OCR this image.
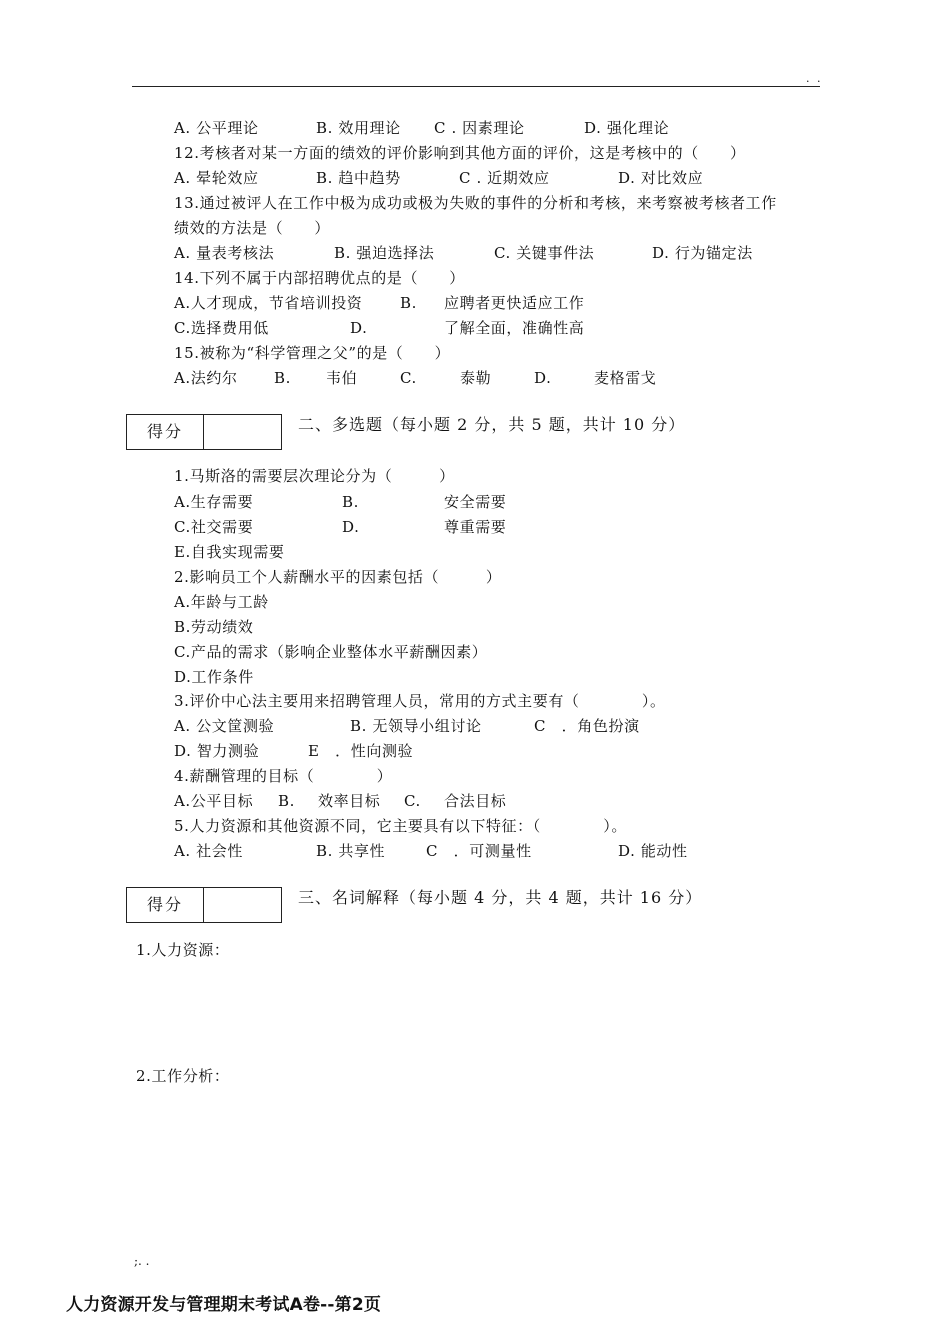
. .
A. 公平理论	B. 效用理论 C . 因素理论	D. 强化理论
12.考核者对某一方面的绩效的评价影响到其他方面的评价，这是考核中的（　　）
A. 晕轮效应	B. 趋中趋势	C . 近期效应	D. 对比效应
13.通过被评人在工作中极为成功或极为失败的事件的分析和考核，来考察被考核者工作
绩效的方法是（　　）
A. 量表考核法	B. 强迫选择法	C. 关键事件法	D. 行为锚定法
14.下列不属于内部招聘优点的是（　　）
A.人才现成，节省培训投资	B. 应聘者更快适应工作
C.选择费用低	D.	了解全面，准确性高
15.被称为“科学管理之父”的是（　　）
A.法约尔 B. 韦伯	C.	泰勒	D.	麦格雷戈
得分	二、多选题（每小题 2 分，共 5 题，共计 10 分）
1.马斯洛的需要层次理论分为（　　　）
A.生存需要	B.	安全需要
C.社交需要	D.	尊重需要
E.自我实现需要
2.影响员工个人薪酬水平的因素包括（　　　）
A.年龄与工龄
B.劳动绩效
C.产品的需求（影响企业整体水平薪酬因素）
D.工作条件
3.评价中心法主要用来招聘管理人员，常用的方式主要有（　　　　）。
A. 公文筐测验	B. 无领导小组讨论	C　．角色扮演
D. 智力测验	E　．性向测验
4.薪酬管理的目标（　　　　）
A.公平目标 B. 效率目标 C. 合法目标
5.人力资源和其他资源不同，它主要具有以下特征：（　　　　）。
A. 社会性	B. 共享性	C　．可测量性	D. 能动性
得分	三、名词解释（每小题 4 分，共 4 题，共计 16 分）
1.人力资源：
2.工作分析：
;. .
人力资源开发与管理期末考试A卷--第2页
